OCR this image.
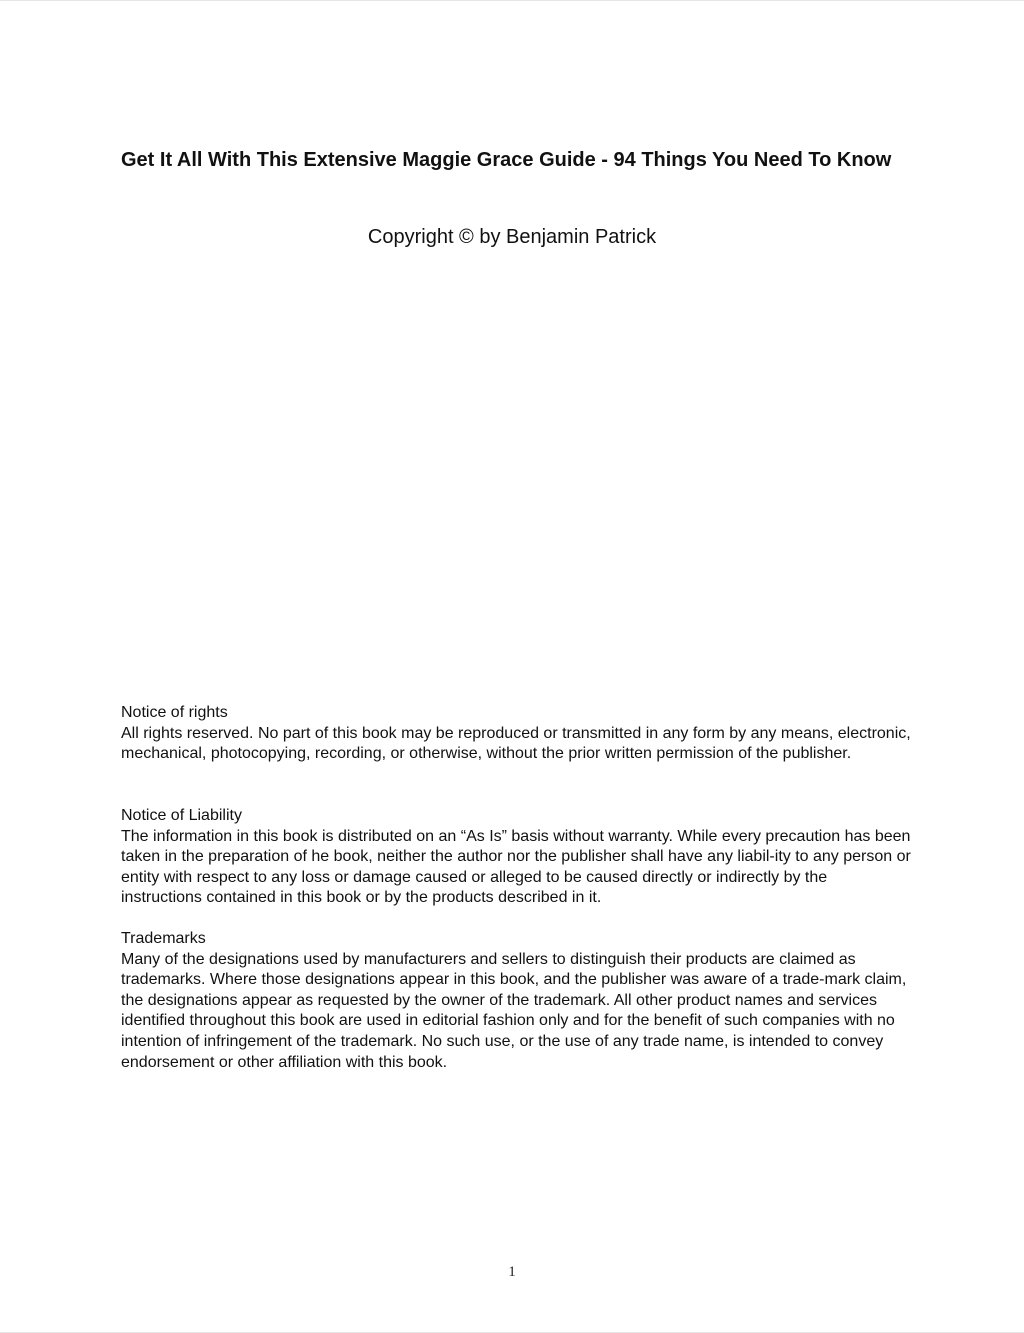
Get It All With This Extensive Maggie Grace Guide - 94 Things You Need To Know
Copyright © by Benjamin Patrick
Notice of rights
All rights reserved. No part of this book may be reproduced or transmitted in any form by any means, electronic, mechanical, photocopying, recording, or otherwise, without the prior written permission of the publisher.
Notice of Liability
The information in this book is distributed on an “As Is” basis without warranty. While every precaution has been taken in the preparation of he book, neither the author nor the publisher shall have any liabil-ity to any person or entity with respect to any loss or damage caused or alleged to be caused directly or indirectly by the instructions contained in this book or by the products described in it.
Trademarks
Many of the designations used by manufacturers and sellers to distinguish their products are claimed as trademarks. Where those designations appear in this book, and the publisher was aware of a trade-mark claim, the designations appear as requested by the owner of the trademark. All other product names and services identified throughout this book are used in editorial fashion only and for the benefit of such companies with no intention of infringement of the trademark. No such use, or the use of any trade name, is intended to convey endorsement or other affiliation with this book.
1
